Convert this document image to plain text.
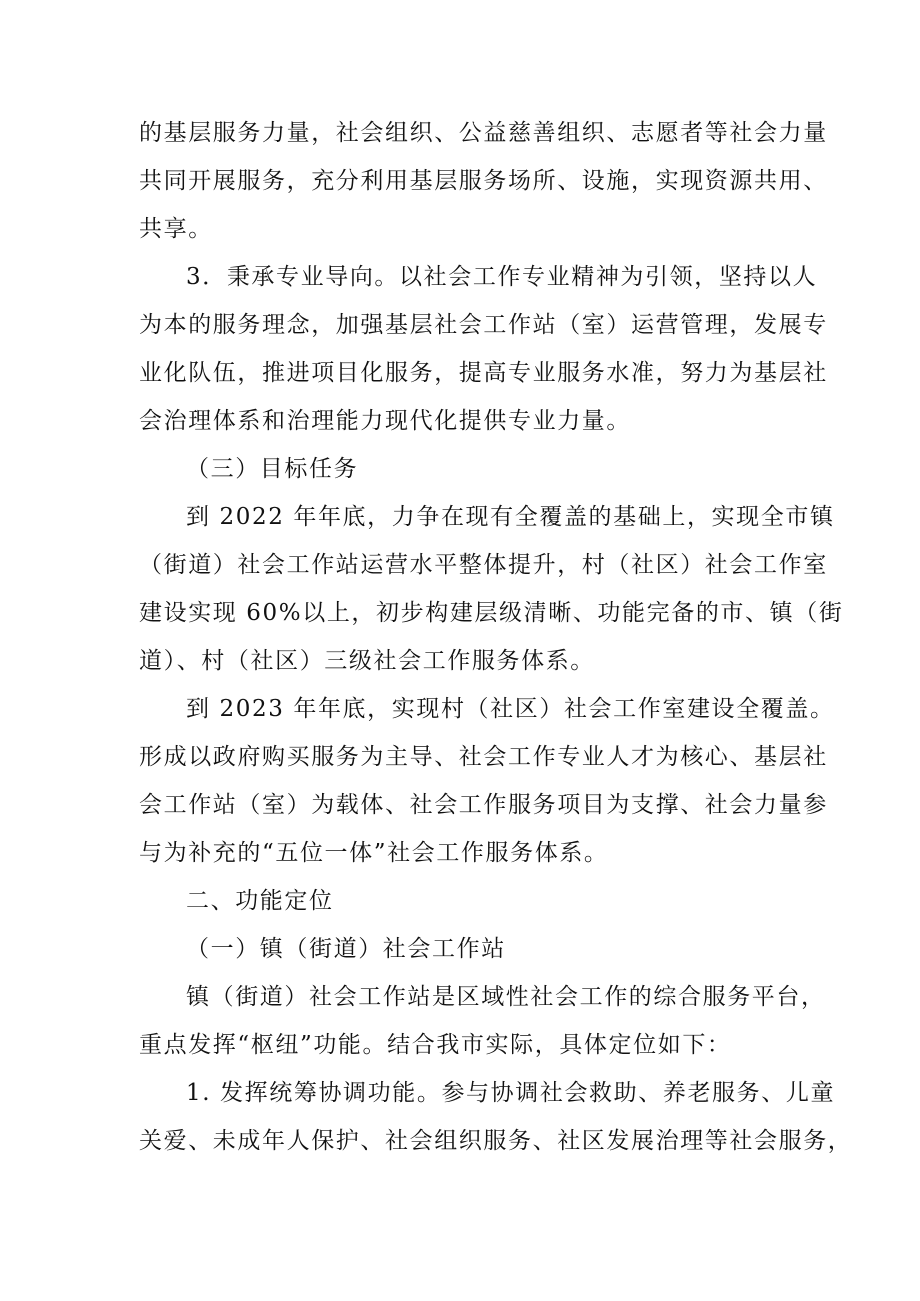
的基层服务力量，社会组织、公益慈善组织、志愿者等社会力量
共同开展服务，充分利用基层服务场所、设施，实现资源共用、
共享。
3．秉承专业导向。以社会工作专业精神为引领，坚持以人
为本的服务理念，加强基层社会工作站（室）运营管理，发展专
业化队伍，推进项目化服务，提高专业服务水准，努力为基层社
会治理体系和治理能力现代化提供专业力量。
（三）目标任务
到 2022 年年底，力争在现有全覆盖的基础上，实现全市镇
（街道）社会工作站运营水平整体提升，村（社区）社会工作室
建设实现 60%以上，初步构建层级清晰、功能完备的市、镇（街
道）、村（社区）三级社会工作服务体系。
到 2023 年年底，实现村（社区）社会工作室建设全覆盖。
形成以政府购买服务为主导、社会工作专业人才为核心、基层社
会工作站（室）为载体、社会工作服务项目为支撑、社会力量参
与为补充的“五位一体”社会工作服务体系。
二、功能定位
（一）镇（街道）社会工作站
镇（街道）社会工作站是区域性社会工作的综合服务平台，
重点发挥“枢纽”功能。结合我市实际，具体定位如下：
1. 发挥统筹协调功能。参与协调社会救助、养老服务、儿童
关爱、未成年人保护、社会组织服务、社区发展治理等社会服务，
